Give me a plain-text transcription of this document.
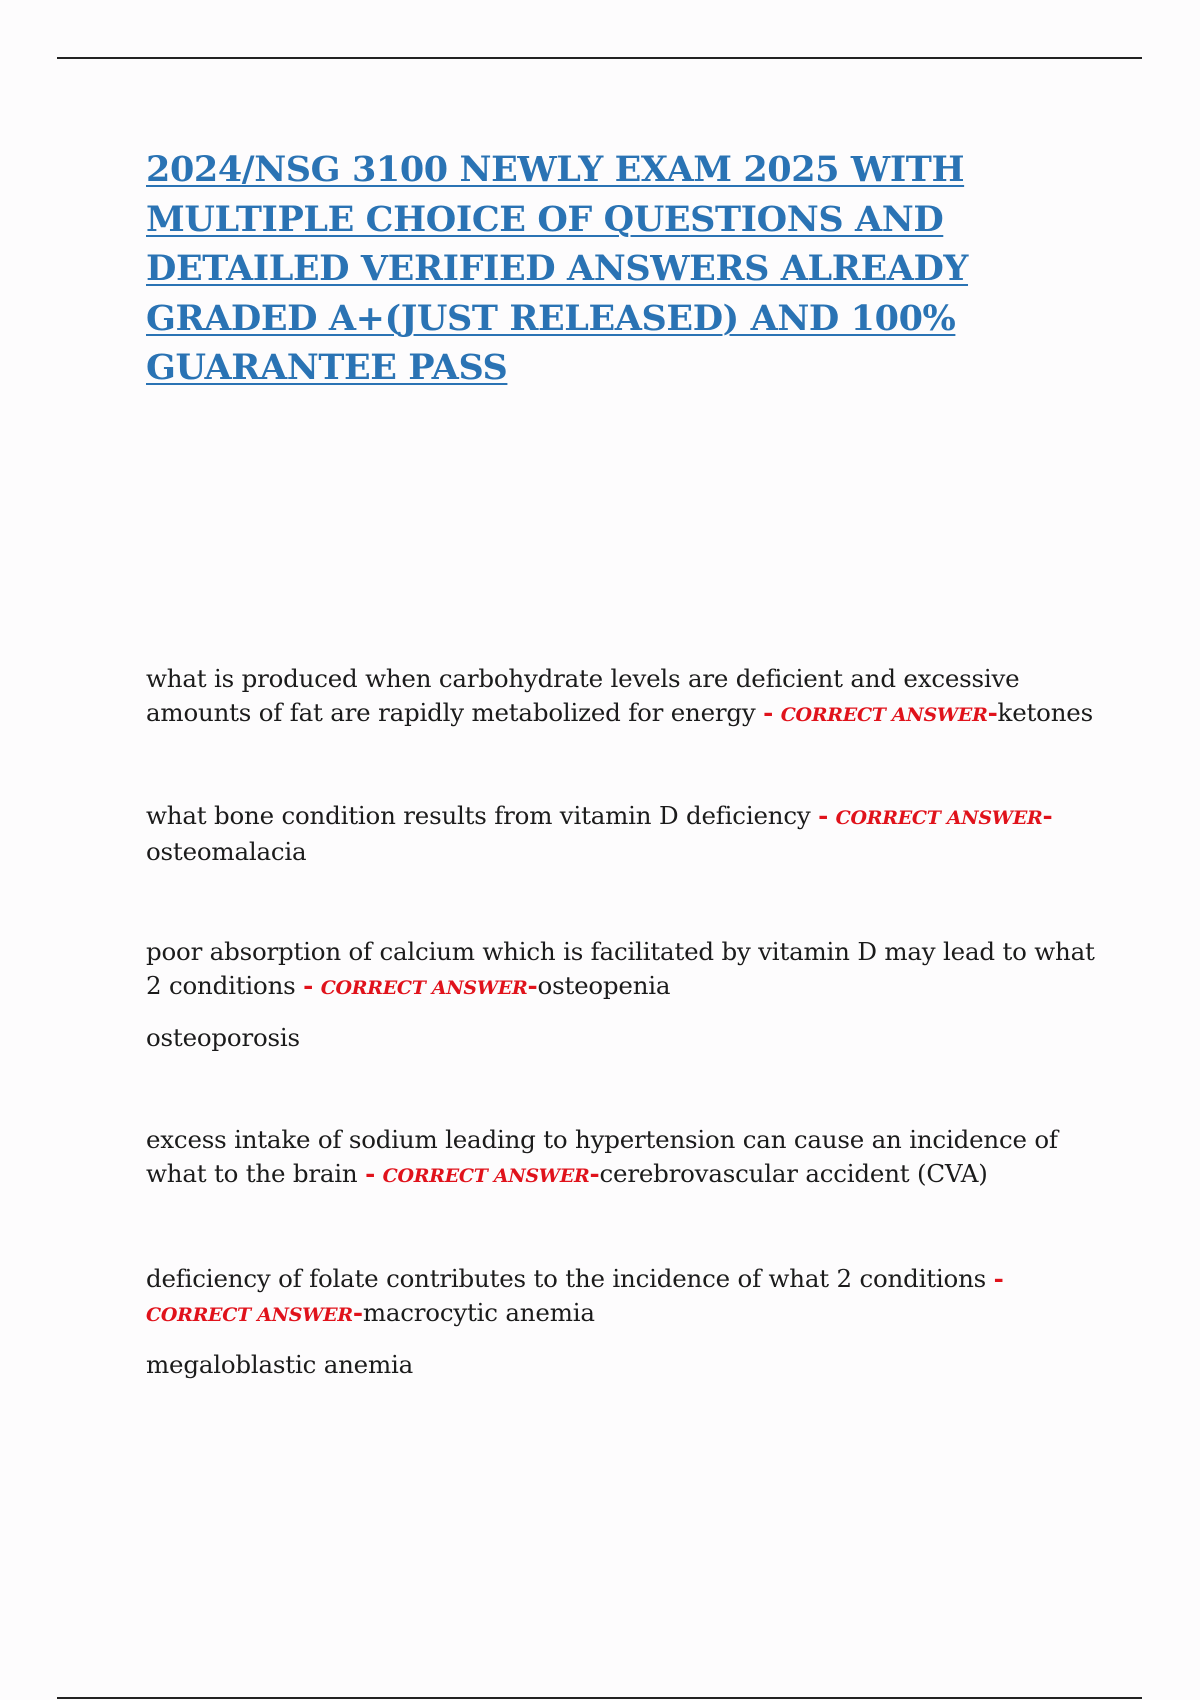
2024/NSG 3100 NEWLY EXAM 2025 WITH MULTIPLE CHOICE OF QUESTIONS AND DETAILED VERIFIED ANSWERS ALREADY GRADED A+(JUST RELEASED) AND 100% GUARANTEE PASS

what is produced when carbohydrate levels are deficient and excessive amounts of fat are rapidly metabolized for energy - CORRECT ANSWER-ketones

what bone condition results from vitamin D deficiency - CORRECT ANSWER-
osteomalacia

poor absorption of calcium which is facilitated by vitamin D may lead to what 2 conditions - CORRECT ANSWER-osteopenia

osteoporosis

excess intake of sodium leading to hypertension can cause an incidence of what to the brain - CORRECT ANSWER-cerebrovascular accident (CVA)

deficiency of folate contributes to the incidence of what 2 conditions -
CORRECT ANSWER-macrocytic anemia

megaloblastic anemia
